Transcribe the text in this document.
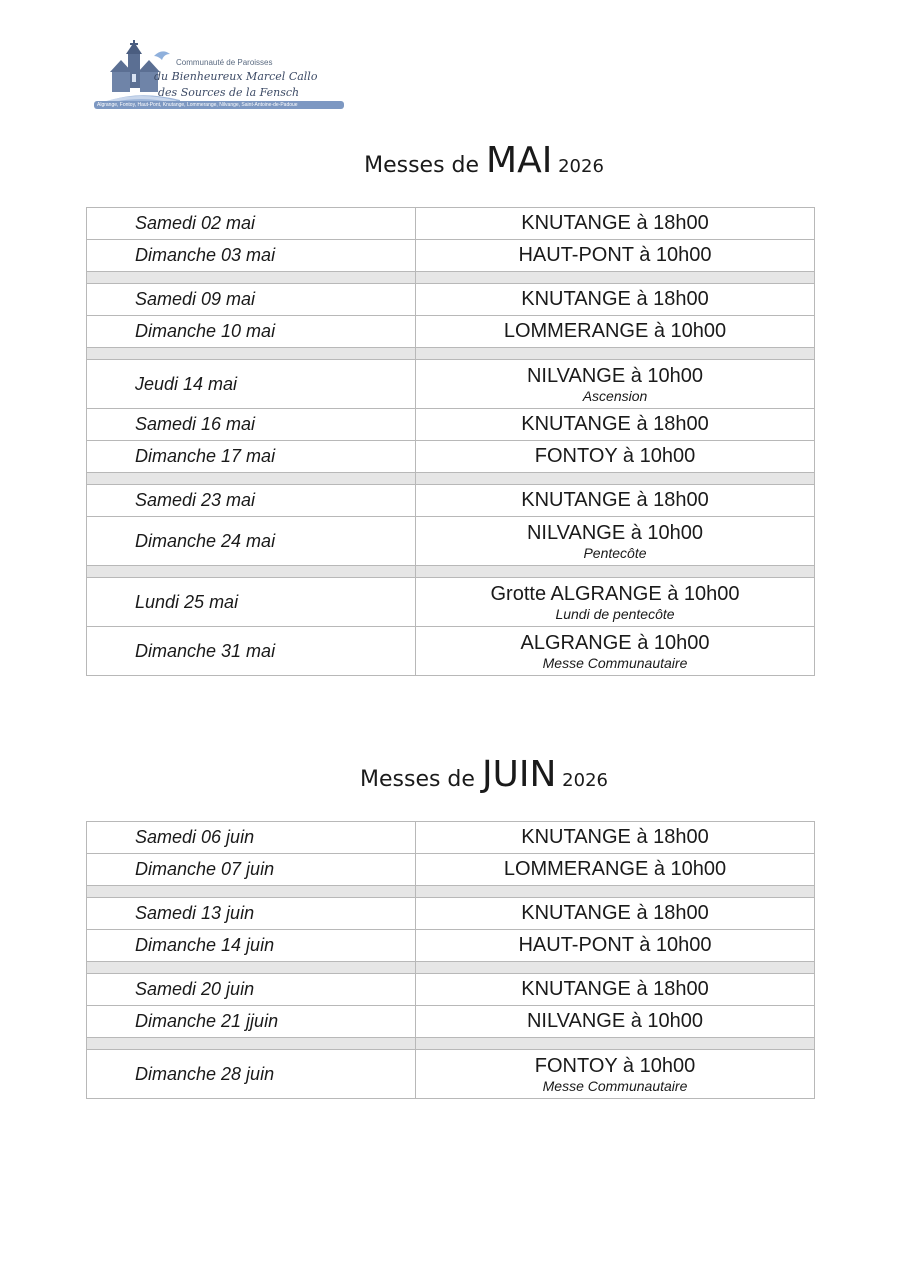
Communauté de Paroisses
du Bienheureux Marcel Callo
des Sources de la Fensch
Algrange, Fontoy, Haut-Pont, Knutange, Lommerange, Nilvange, Saint-Antoine-de-Padoue
Messes de MAI 2026
Samedi 02 mai	KNUTANGE à 18h00
Dimanche 03 mai	HAUT-PONT à 10h00

Samedi 09 mai	KNUTANGE à 18h00
Dimanche 10 mai	LOMMERANGE à 10h00

Jeudi 14 mai	NILVANGE à 10h00
Ascension

Samedi 16 mai	KNUTANGE à 18h00
Dimanche 17 mai	FONTOY à 10h00

Samedi 23 mai	KNUTANGE à 18h00
Dimanche 24 mai	NILVANGE à 10h00
Pentecôte

Lundi 25 mai	Grotte ALGRANGE à 10h00
Lundi de pentecôte

Dimanche 31 mai	ALGRANGE à 10h00
Messe Communautaire
Messes de JUIN 2026
Samedi 06 juin	KNUTANGE à 18h00
Dimanche 07 juin	LOMMERANGE à 10h00

Samedi 13 juin	KNUTANGE à 18h00
Dimanche 14 juin	HAUT-PONT à 10h00

Samedi 20 juin	KNUTANGE à 18h00
Dimanche 21 jjuin	NILVANGE à 10h00

Dimanche 28 juin	FONTOY à 10h00
Messe Communautaire
